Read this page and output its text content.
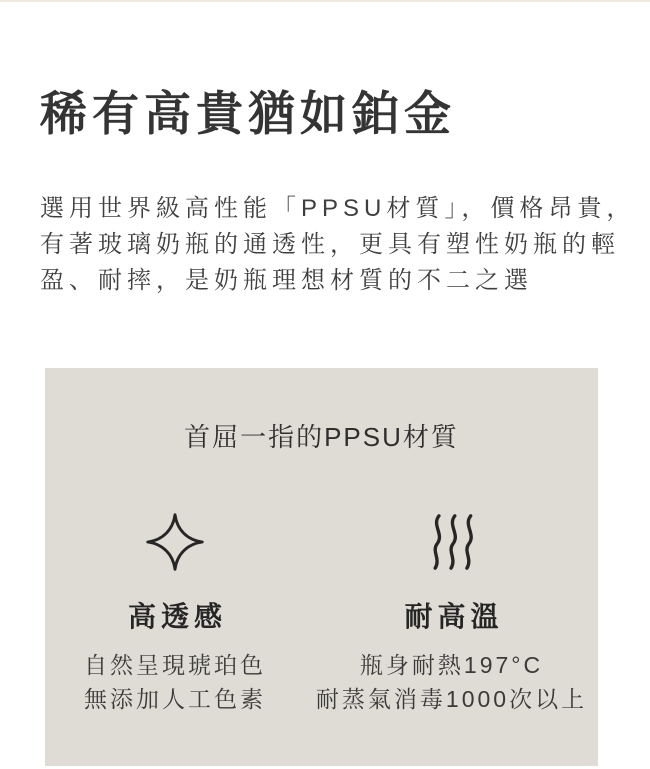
稀有高貴猶如鉑金

選用世界級高性能「PPSU材質」，價格昂貴，
有著玻璃奶瓶的通透性，更具有塑性奶瓶的輕
盈、耐摔，是奶瓶理想材質的不二之選

首屈一指的PPSU材質
高透感
自然呈現琥珀色
無添加人工色素
耐高溫
瓶身耐熱197°C
耐蒸氣消毒1000次以上
